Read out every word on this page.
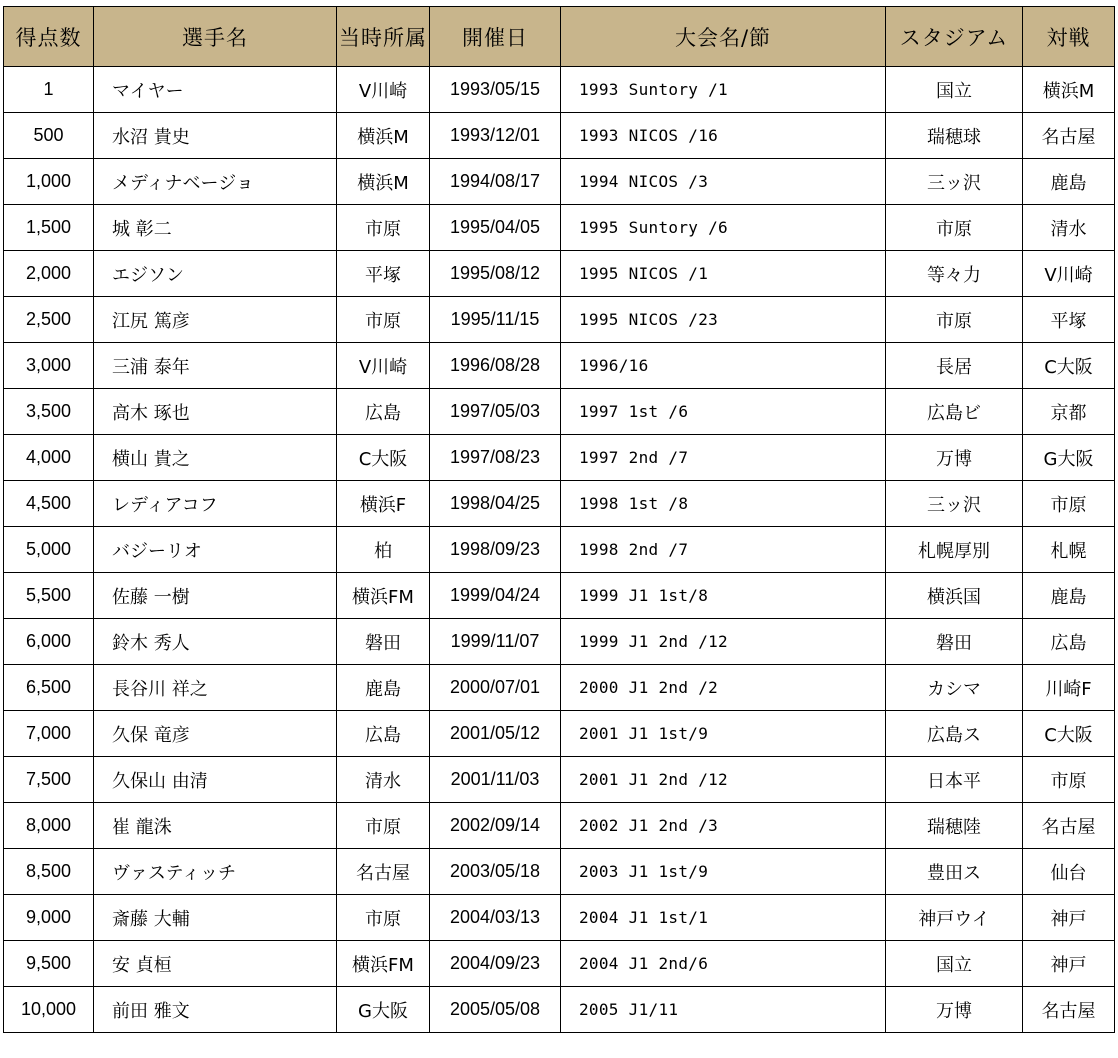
得点数	選手名	当時所属	開催日	大会名/節	スタジアム	対戦
1	マイヤー	V川崎	1993/05/15	1993 Suntory /1	国立	横浜M
500	水沼 貴史	横浜M	1993/12/01	1993 NICOS /16	瑞穂球	名古屋
1,000	メディナベージョ	横浜M	1994/08/17	1994 NICOS /3	三ッ沢	鹿島
1,500	城 彰二	市原	1995/04/05	1995 Suntory /6	市原	清水
2,000	エジソン	平塚	1995/08/12	1995 NICOS /1	等々力	V川崎
2,500	江尻 篤彦	市原	1995/11/15	1995 NICOS /23	市原	平塚
3,000	三浦 泰年	V川崎	1996/08/28	1996/16	長居	C大阪
3,500	高木 琢也	広島	1997/05/03	1997 1st /6	広島ビ	京都
4,000	横山 貴之	C大阪	1997/08/23	1997 2nd /7	万博	G大阪
4,500	レディアコフ	横浜F	1998/04/25	1998 1st /8	三ッ沢	市原
5,000	バジーリオ	柏	1998/09/23	1998 2nd /7	札幌厚別	札幌
5,500	佐藤 一樹	横浜FM	1999/04/24	1999 J1 1st/8	横浜国	鹿島
6,000	鈴木 秀人	磐田	1999/11/07	1999 J1 2nd /12	磐田	広島
6,500	長谷川 祥之	鹿島	2000/07/01	2000 J1 2nd /2	カシマ	川崎F
7,000	久保 竜彦	広島	2001/05/12	2001 J1 1st/9	広島ス	C大阪
7,500	久保山 由清	清水	2001/11/03	2001 J1 2nd /12	日本平	市原
8,000	崔 龍洙	市原	2002/09/14	2002 J1 2nd /3	瑞穂陸	名古屋
8,500	ヴァスティッチ	名古屋	2003/05/18	2003 J1 1st/9	豊田ス	仙台
9,000	斎藤 大輔	市原	2004/03/13	2004 J1 1st/1	神戸ウイ	神戸
9,500	安 貞桓	横浜FM	2004/09/23	2004 J1 2nd/6	国立	神戸
10,000	前田 雅文	G大阪	2005/05/08	2005 J1/11	万博	名古屋
